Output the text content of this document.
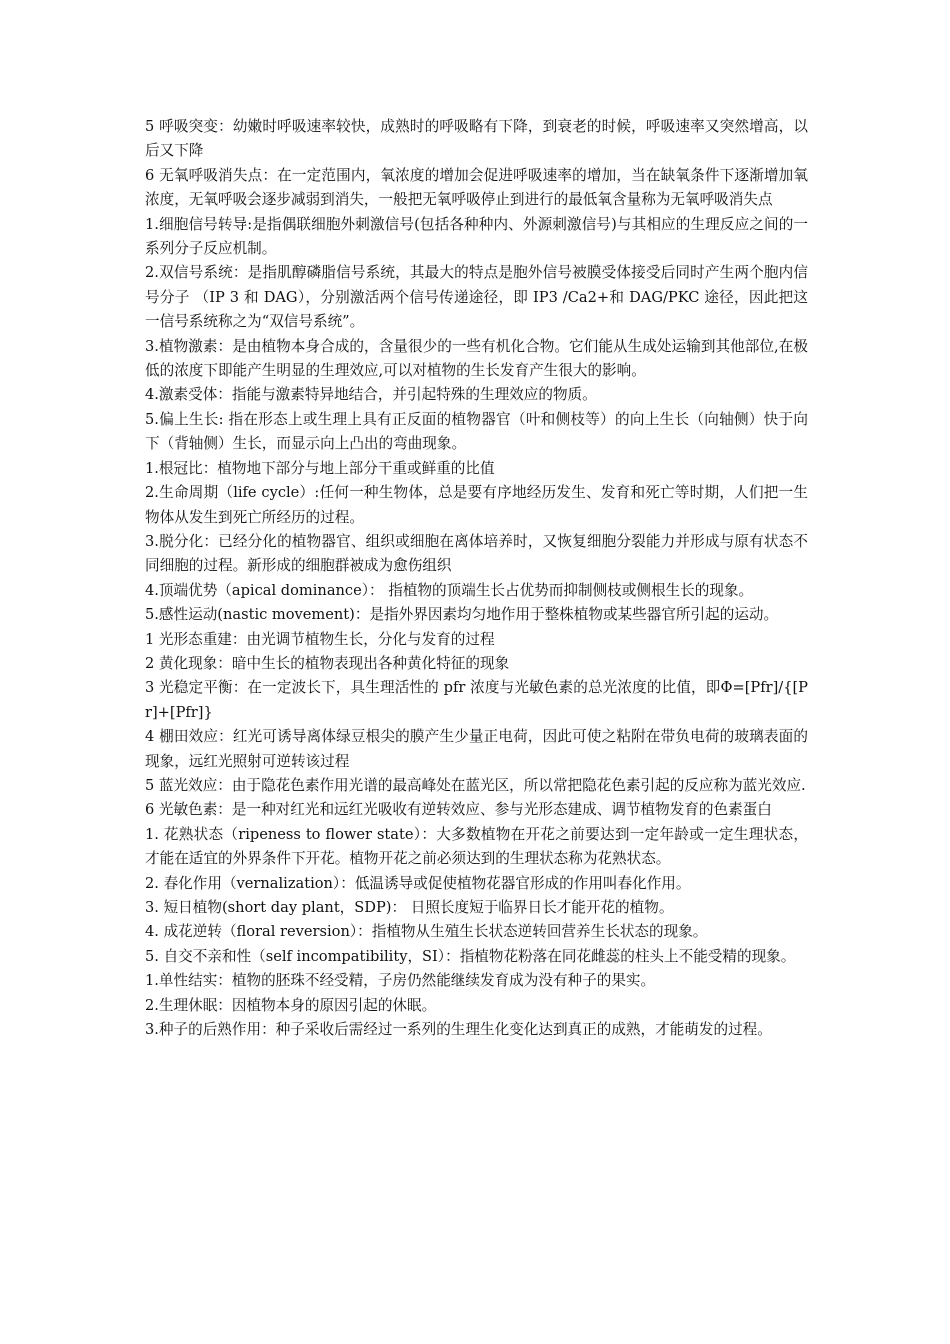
5 呼吸突变：幼嫩时呼吸速率较快，成熟时的呼吸略有下降，到衰老的时候，呼吸速率又突然增高，以后又下降

6 无氧呼吸消失点：在一定范围内，氧浓度的增加会促进呼吸速率的增加，当在缺氧条件下逐渐增加氧浓度，无氧呼吸会逐步减弱到消失，一般把无氧呼吸停止到进行的最低氧含量称为无氧呼吸消失点

1.细胞信号转导:是指偶联细胞外刺激信号(包括各种种内、外源刺激信号)与其相应的生理反应之间的一系列分子反应机制。

2.双信号系统：是指肌醇磷脂信号系统，其最大的特点是胞外信号被膜受体接受后同时产生两个胞内信号分子 （IP 3 和 DAG），分别激活两个信号传递途径，即 IP3 /Ca2+和 DAG/PKC 途径，因此把这一信号系统称之为“双信号系统”。

3.植物激素：是由植物本身合成的，含量很少的一些有机化合物。它们能从生成处运输到其他部位,在极低的浓度下即能产生明显的生理效应,可以对植物的生长发育产生很大的影响。

4.激素受体：指能与激素特异地结合，并引起特殊的生理效应的物质。

5.偏上生长: 指在形态上或生理上具有正反面的植物器官（叶和侧枝等）的向上生长（向轴侧）快于向下（背轴侧）生长，而显示向上凸出的弯曲现象。

1.根冠比：植物地下部分与地上部分干重或鲜重的比值

2.生命周期（life cycle）:任何一种生物体，总是要有序地经历发生、发育和死亡等时期，人们把一生物体从发生到死亡所经历的过程。

3.脱分化：已经分化的植物器官、组织或细胞在离体培养时，又恢复细胞分裂能力并形成与原有状态不同细胞的过程。新形成的细胞群被成为愈伤组织

4.顶端优势（apical dominance）： 指植物的顶端生长占优势而抑制侧枝或侧根生长的现象。

5.感性运动(nastic movement)：是指外界因素均匀地作用于整株植物或某些器官所引起的运动。

1 光形态重建：由光调节植物生长，分化与发育的过程

2 黄化现象：暗中生长的植物表现出各种黄化特征的现象

3 光稳定平衡：在一定波长下，具生理活性的 pfr 浓度与光敏色素的总光浓度的比值，即Φ=[Pfr]/{[Pr]+[Pfr]}

4 棚田效应：红光可诱导离体绿豆根尖的膜产生少量正电荷，因此可使之粘附在带负电荷的玻璃表面的现象，远红光照射可逆转该过程

5 蓝光效应：由于隐花色素作用光谱的最高峰处在蓝光区，所以常把隐花色素引起的反应称为蓝光效应.

6 光敏色素：是一种对红光和远红光吸收有逆转效应、参与光形态建成、调节植物发育的色素蛋白

1. 花熟状态（ripeness to flower state）：大多数植物在开花之前要达到一定年龄或一定生理状态，才能在适宜的外界条件下开花。植物开花之前必须达到的生理状态称为花熟状态。

2. 春化作用（vernalization）：低温诱导或促使植物花器官形成的作用叫春化作用。

3. 短日植物(short day plant，SDP)： 日照长度短于临界日长才能开花的植物。

4. 成花逆转（floral reversion）：指植物从生殖生长状态逆转回营养生长状态的现象。

5. 自交不亲和性（self incompatibility，SI）：指植物花粉落在同花雌蕊的柱头上不能受精的现象。

1.单性结实：植物的胚珠不经受精，子房仍然能继续发育成为没有种子的果实。

2.生理休眠：因植物本身的原因引起的休眠。

3.种子的后熟作用：种子采收后需经过一系列的生理生化变化达到真正的成熟，才能萌发的过程。
